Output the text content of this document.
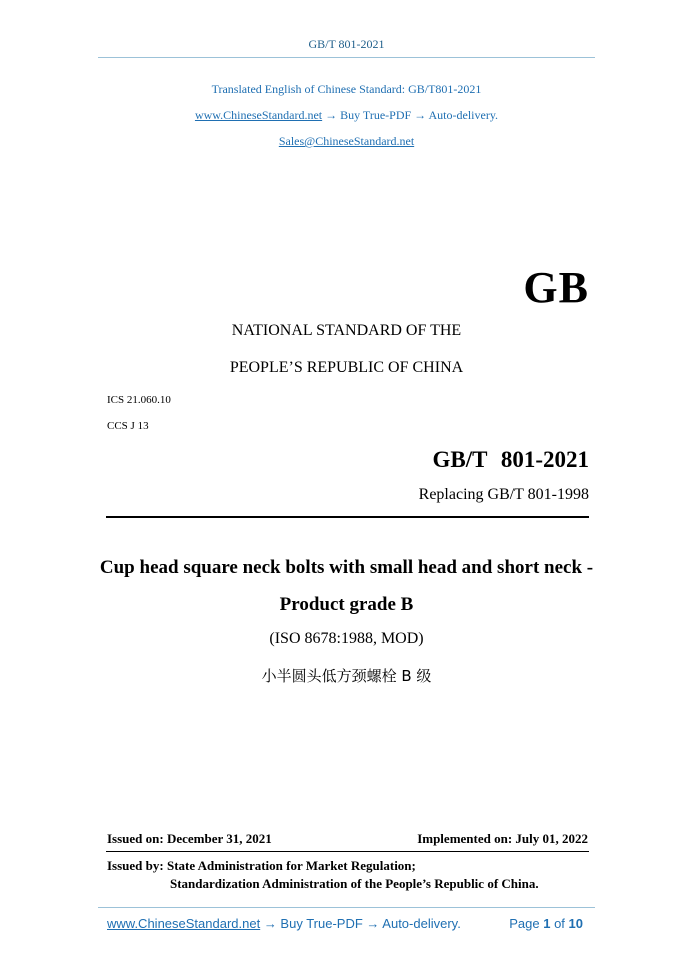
GB/T 801-2021
Translated English of Chinese Standard: GB/T801-2021
www.ChineseStandard.net → Buy True-PDF → Auto-delivery.
Sales@ChineseStandard.net
GB
NATIONAL STANDARD OF THE
PEOPLE’S REPUBLIC OF CHINA
ICS 21.060.10
CCS J 13
GB/T 801-2021
Replacing GB/T 801-1998
Cup head square neck bolts with small head and short neck -
Product grade B
(ISO 8678:1988, MOD)
小半圆头低方颈螺栓 B 级
Issued on: December 31, 2021	Implemented on: July 01, 2022
Issued by: State Administration for Market Regulation;
Standardization Administration of the People’s Republic of China.
www.ChineseStandard.net → Buy True-PDF → Auto-delivery.	Page 1 of 10
